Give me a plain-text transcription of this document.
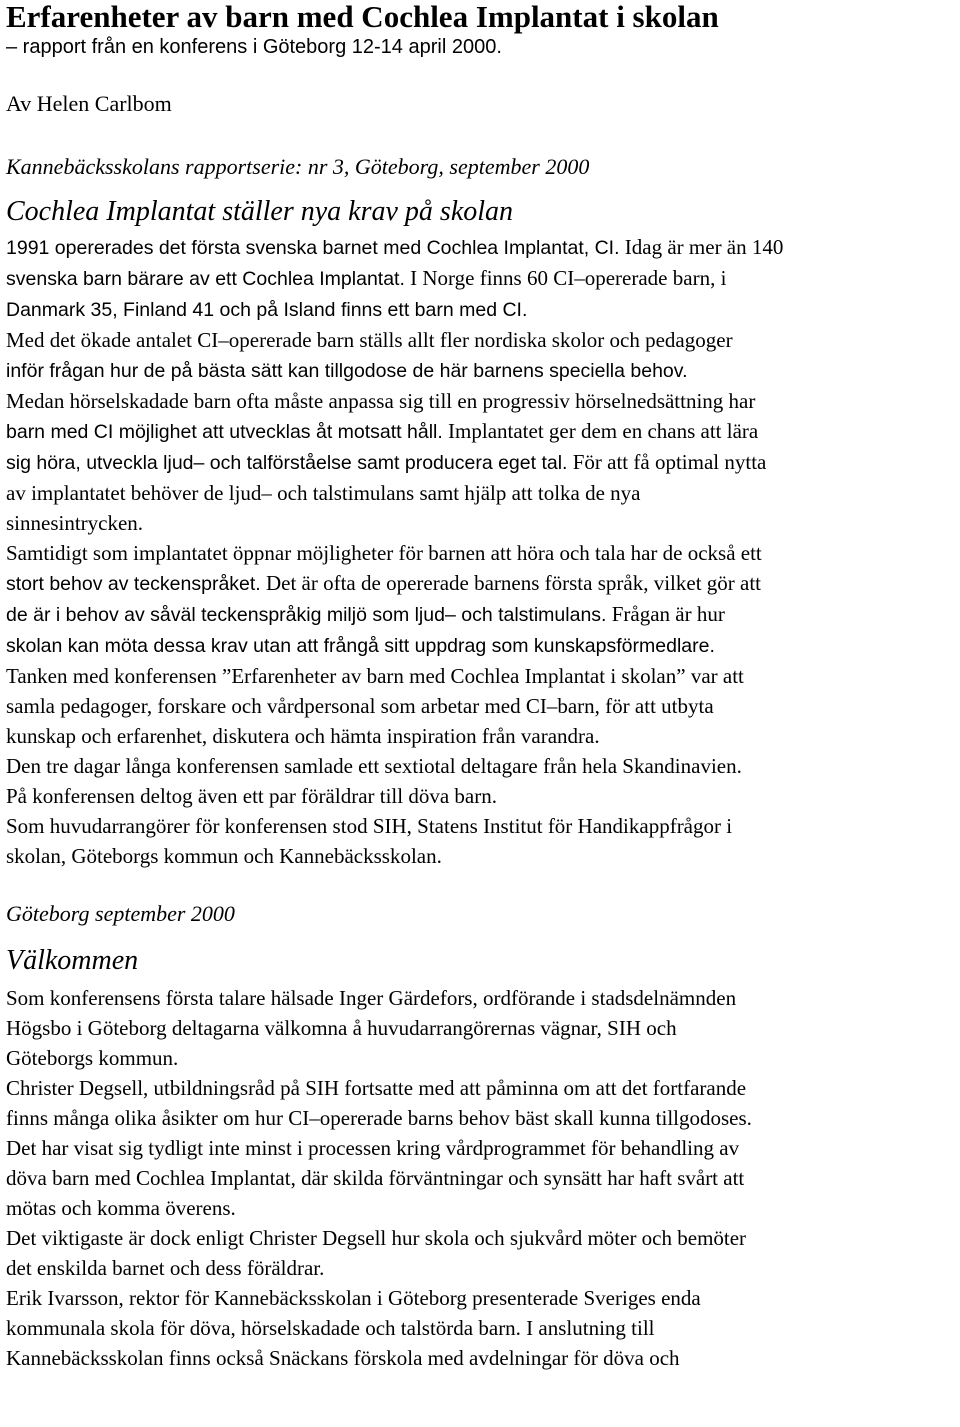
Erfarenheter av barn med Cochlea Implantat i skolan

– rapport från en konferens i Göteborg 12-14 april 2000.

Av Helen Carlbom

Kannebäcksskolans rapportserie: nr 3, Göteborg, september 2000

Cochlea Implantat ställer nya krav på skolan

1991 opererades det första svenska barnet med Cochlea Implantat, CI. Idag är mer än 140

svenska barn bärare av ett Cochlea Implantat. I Norge finns 60 CI–opererade barn, i

Danmark 35, Finland 41 och på Island finns ett barn med CI.

Med det ökade antalet CI–opererade barn ställs allt fler nordiska skolor och pedagoger

inför frågan hur de på bästa sätt kan tillgodose de här barnens speciella behov.

Medan hörselskadade barn ofta måste anpassa sig till en progressiv hörselnedsättning har

barn med CI möjlighet att utvecklas åt motsatt håll. Implantatet ger dem en chans att lära

sig höra, utveckla ljud– och talförståelse samt producera eget tal. För att få optimal nytta

av implantatet behöver de ljud– och talstimulans samt hjälp att tolka de nya

sinnesintrycken.

Samtidigt som implantatet öppnar möjligheter för barnen att höra och tala har de också ett

stort behov av teckenspråket. Det är ofta de opererade barnens första språk, vilket gör att

de är i behov av såväl teckenspråkig miljö som ljud– och talstimulans. Frågan är hur

skolan kan möta dessa krav utan att frångå sitt uppdrag som kunskapsförmedlare.

Tanken med konferensen ”Erfarenheter av barn med Cochlea Implantat i skolan” var att

samla pedagoger, forskare och vårdpersonal som arbetar med CI–barn, för att utbyta

kunskap och erfarenhet, diskutera och hämta inspiration från varandra.

Den tre dagar långa konferensen samlade ett sextiotal deltagare från hela Skandinavien.

På konferensen deltog även ett par föräldrar till döva barn.

Som huvudarrangörer för konferensen stod SIH, Statens Institut för Handikappfrågor i

skolan, Göteborgs kommun och Kannebäcksskolan.

Göteborg september 2000

Välkommen

Som konferensens första talare hälsade Inger Gärdefors, ordförande i stadsdelnämnden

Högsbo i Göteborg deltagarna välkomna å huvudarrangörernas vägnar, SIH och

Göteborgs kommun.

Christer Degsell, utbildningsråd på SIH fortsatte med att påminna om att det fortfarande

finns många olika åsikter om hur CI–opererade barns behov bäst skall kunna tillgodoses.

Det har visat sig tydligt inte minst i processen kring vårdprogrammet för behandling av

döva barn med Cochlea Implantat, där skilda förväntningar och synsätt har haft svårt att

mötas och komma överens.

Det viktigaste är dock enligt Christer Degsell hur skola och sjukvård möter och bemöter

det enskilda barnet och dess föräldrar.

Erik Ivarsson, rektor för Kannebäcksskolan i Göteborg presenterade Sveriges enda

kommunala skola för döva, hörselskadade och talstörda barn. I anslutning till

Kannebäcksskolan finns också Snäckans förskola med avdelningar för döva och
